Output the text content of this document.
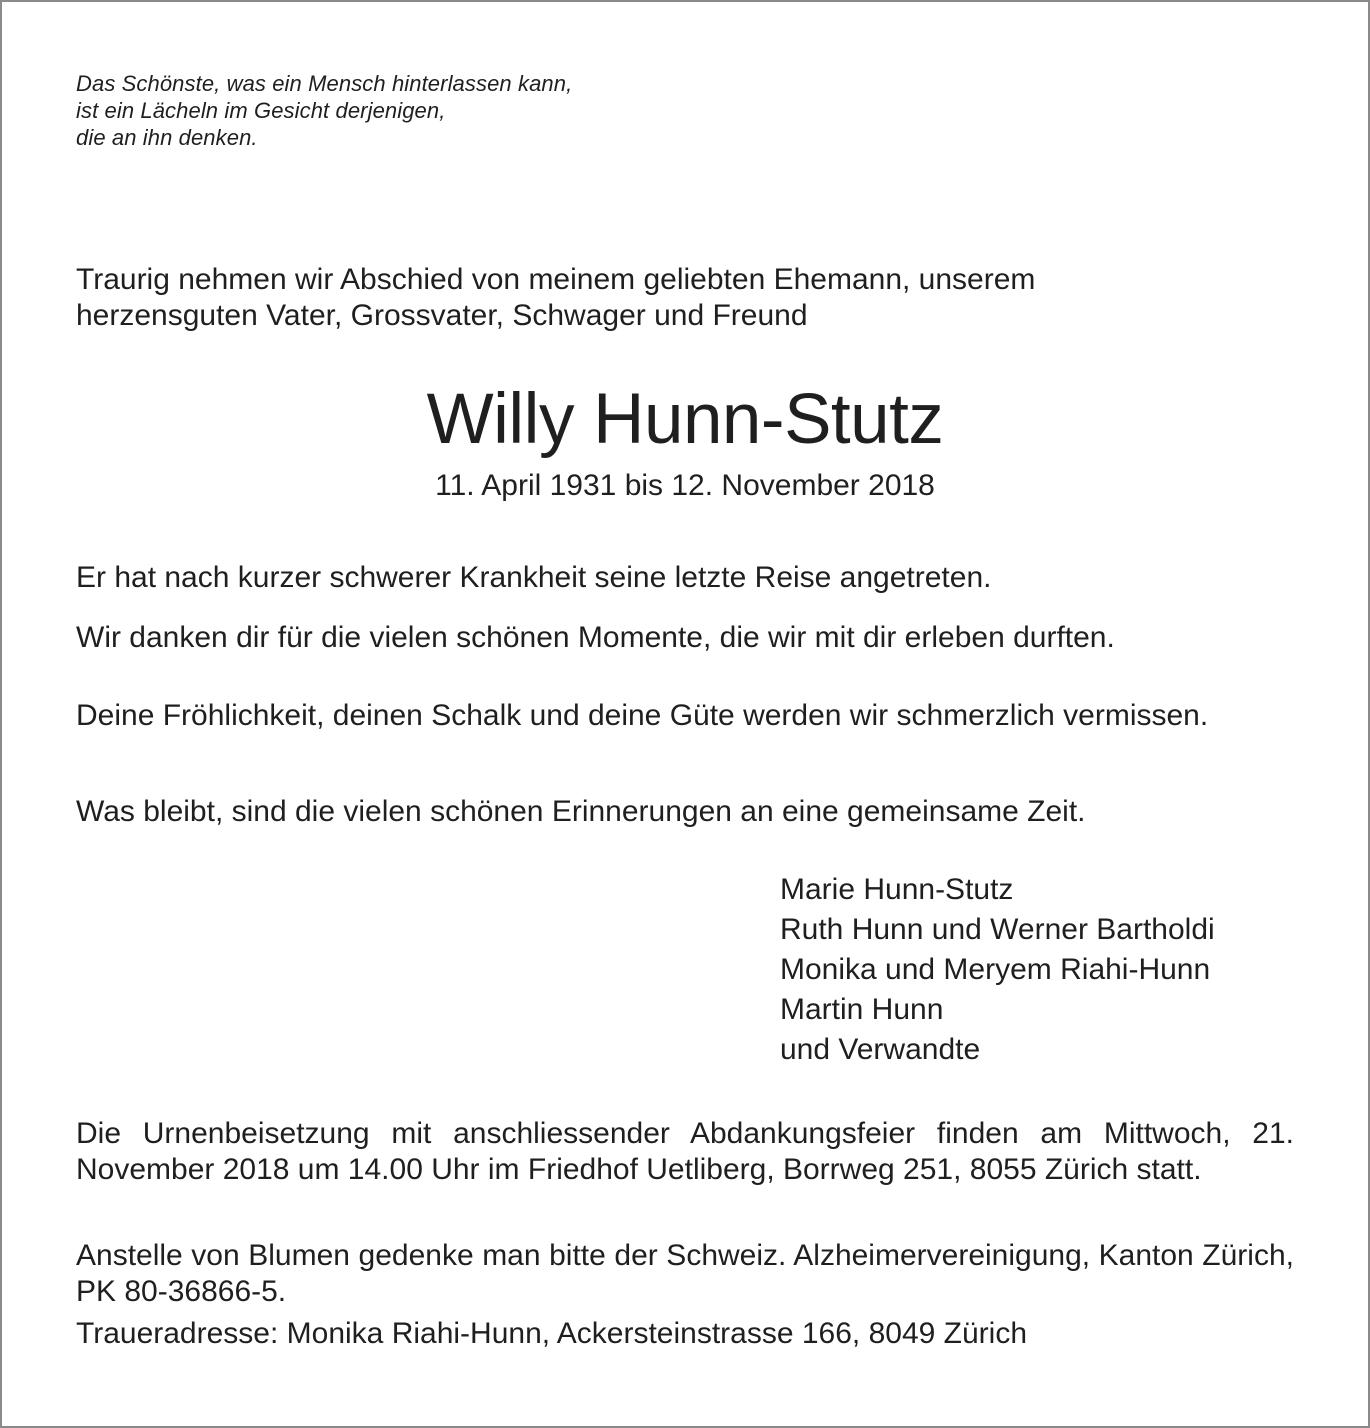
Das Schönste, was ein Mensch hinterlassen kann,
ist ein Lächeln im Gesicht derjenigen,
die an ihn denken.
Traurig nehmen wir Abschied von meinem geliebten Ehemann, unserem
herzensguten Vater, Grossvater, Schwager und Freund
Willy Hunn-Stutz
11. April 1931 bis 12. November 2018
Er hat nach kurzer schwerer Krankheit seine letzte Reise angetreten.
Wir danken dir für die vielen schönen Momente, die wir mit dir erleben durften.
Deine Fröhlichkeit, deinen Schalk und deine Güte werden wir schmerzlich vermissen.
Was bleibt, sind die vielen schönen Erinnerungen an eine gemeinsame Zeit.
Marie Hunn-Stutz
Ruth Hunn und Werner Bartholdi
Monika und Meryem Riahi-Hunn
Martin Hunn
und Verwandte
Die Urnenbeisetzung mit anschliessender Abdankungsfeier finden am Mittwoch, 21. November 2018 um 14.00 Uhr im Friedhof Uetliberg, Borrweg 251, 8055 Zürich statt.
Anstelle von Blumen gedenke man bitte der Schweiz. Alzheimervereinigung, Kanton Zürich, PK 80-36866-5.
Traueradresse: Monika Riahi-Hunn, Ackersteinstrasse 166, 8049 Zürich
